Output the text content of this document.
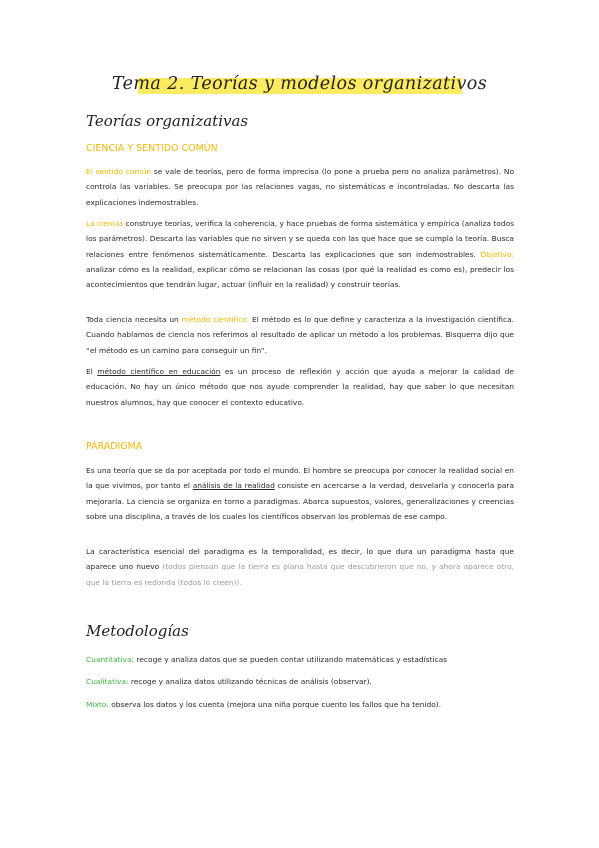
Tema 2. Teorías y modelos organizativos
Teorías organizativas
CIENCIA Y SENTIDO COMÚN
El sentido común se vale de teorías, pero de forma imprecisa (lo pone a prueba pero no analiza parámetros). No controla las variables. Se preocupa por las relaciones vagas, no sistemáticas e incontroladas. No descarta las explicaciones indemostrables.
La ciencia construye teorías, verifica la coherencia, y hace pruebas de forma sistemática y empírica (analiza todos los parámetros). Descarta las variables que no sirven y se queda con las que hace que se cumpla la teoría. Busca relaciones entre fenómenos sistemáticamente. Descarta las explicaciones que son indemostrables. Objetivo: analizar cómo es la realidad, explicar cómo se relacionan las cosas (por qué la realidad es como es), predecir los acontecimientos que tendrán lugar, actuar (influir en la realidad) y construir teorías.
Toda ciencia necesita un método científico. El método es lo que define y caracteriza a la investigación científica. Cuando hablamos de ciencia nos referimos al resultado de aplicar un método a los problemas. Bisquerra dijo que “el método es un camino para conseguir un fin”.
El método científico en educación es un proceso de reflexión y acción que ayuda a mejorar la calidad de educación. No hay un único método que nos ayude comprender la realidad, hay que saber lo que necesitan nuestros alumnos, hay que conocer el contexto educativo.
PARADIGMA
Es una teoría que se da por aceptada por todo el mundo. El hombre se preocupa por conocer la realidad social en la que vivimos, por tanto el análisis de la realidad consiste en acercarse a la verdad, desvelarla y conocerla para mejorarla. La ciencia se organiza en torno a paradigmas. Abarca supuestos, valores, generalizaciones y creencias sobre una disciplina, a través de los cuales los científicos observan los problemas de ese campo.
La característica esencial del paradigma es la temporalidad, es decir, lo que dura un paradigma hasta que aparece uno nuevo (todos piensan que la tierra es plana hasta que descubrieron que no, y ahora aparece otro, que la tierra es redonda (todos lo creen)).
Metodologías
Cuantitativa: recoge y analiza datos que se pueden contar utilizando matemáticas y estadísticas
Cualitativa: recoge y analiza datos utilizando técnicas de análisis (observar).
Mixto: observa los datos y los cuenta (mejora una niña porque cuento los fallos que ha tenido).
